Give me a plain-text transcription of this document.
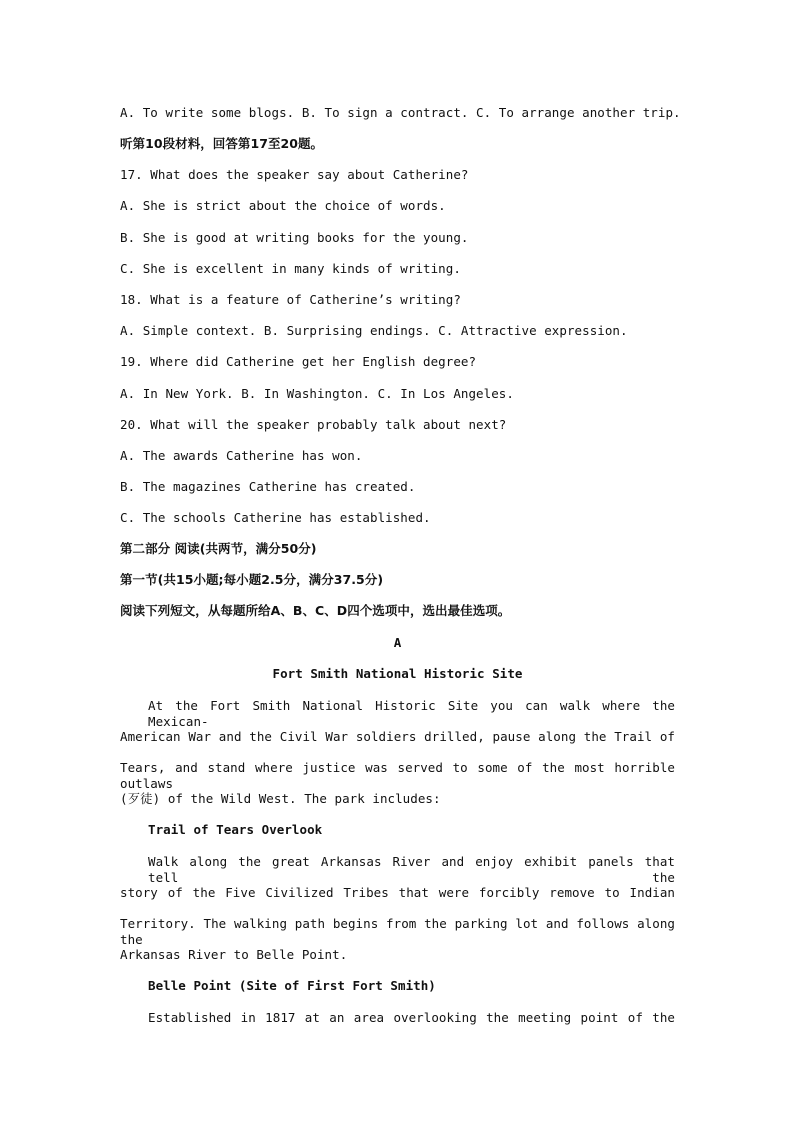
A. To write some blogs. B. To sign a contract. C. To arrange another trip.
听第10段材料，回答第17至20题。
17. What does the speaker say about Catherine?
A. She is strict about the choice of words.
B. She is good at writing books for the young.
C. She is excellent in many kinds of writing.
18. What is a feature of Catherine’s writing?
A. Simple context. B. Surprising endings. C. Attractive expression.
19. Where did Catherine get her English degree?
A. In New York. B. In Washington. C. In Los Angeles.
20. What will the speaker probably talk about next?
A. The awards Catherine has won.
B. The magazines Catherine has created.
C. The schools Catherine has established.
第二部分 阅读(共两节，满分50分)
第一节(共15小题;每小题2.5分，满分37.5分)
阅读下列短文，从每题所给A、B、C、D四个选项中，选出最佳选项。
A
Fort Smith National Historic Site
At the Fort Smith National Historic Site you can walk where the Mexican-
American War and the Civil War soldiers drilled, pause along the Trail of
Tears, and stand where justice was served to some of the most horrible outlaws
(歹徒) of the Wild West. The park includes:
Trail of Tears Overlook
Walk along the great Arkansas River and enjoy exhibit panels that tell the
story of the Five Civilized Tribes that were forcibly remove to Indian
Territory. The walking path begins from the parking lot and follows along the
Arkansas River to Belle Point.
Belle Point (Site of First Fort Smith)
Established in 1817 at an area overlooking the meeting point of the
